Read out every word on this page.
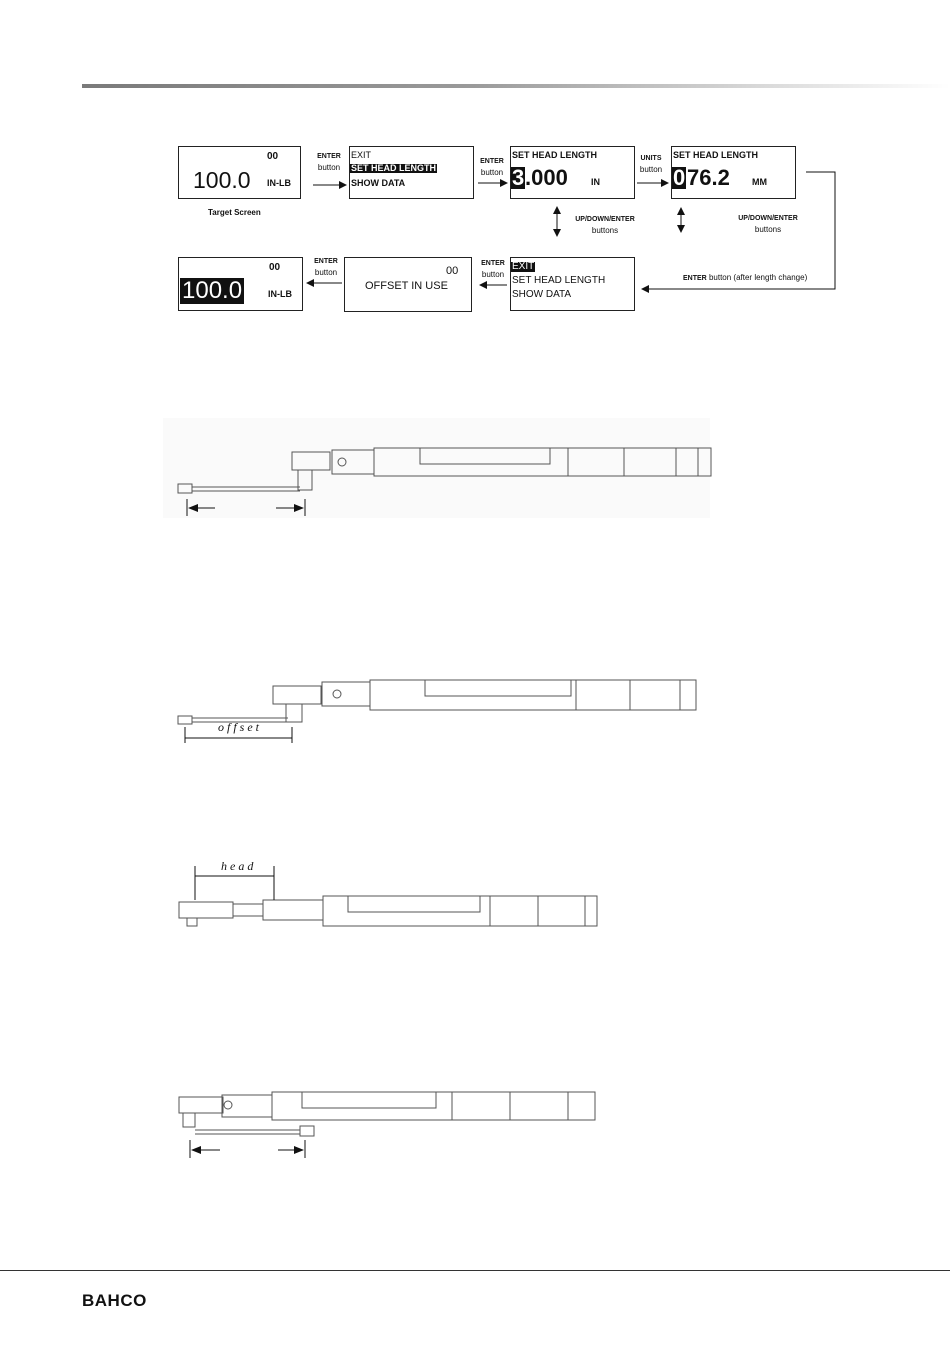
00
100.0 IN-LB
Target Screen
ENTER
button
EXIT
SET HEAD LENGTH
SHOW DATA
ENTER
button
SET HEAD LENGTH
3 .000	IN
UNITS
button
SET HEAD LENGTH
0 76.2 MM
UP/DOWN/ENTER
buttons
UP/DOWN/ENTER
buttons
ENTER button (after length change)
EXIT
SET HEAD LENGTH
SHOW DATA
ENTER
button
00
OFFSET IN USE
ENTER
button
00
100.0	IN-LB
offset
head
BAHCO
